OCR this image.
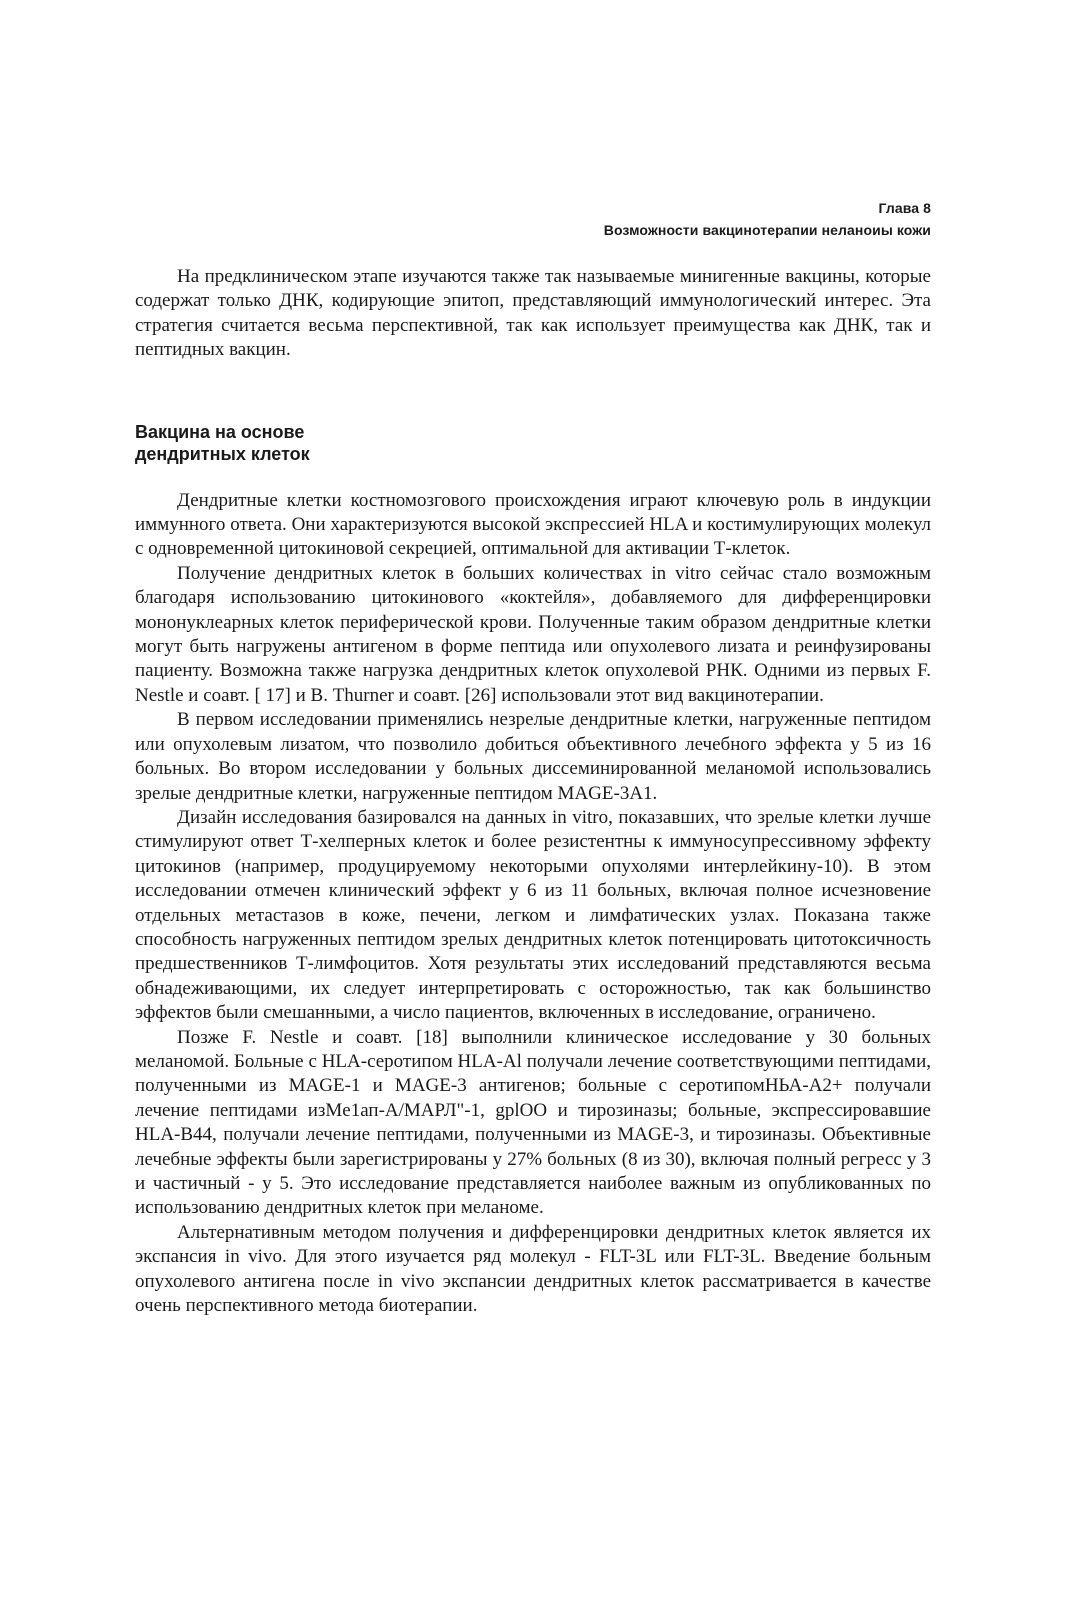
Глава 8
Возможности вакцинотерапии неланоиы кожи

На предклиническом этапе изучаются также так называемые минигенные вакцины, которые содержат только ДНК, кодирующие эпитоп, представляющий иммунологический интерес. Эта стратегия считается весьма перспективной, так как использует преимущества как ДНК, так и пептидных вакцин.

Вакцина на основе
дендритных клеток

Дендритные клетки костномозгового происхождения играют ключевую роль в индукции иммунного ответа. Они характеризуются высокой экспрессией HLA и костимулирующих молекул с одновременной цитокиновой секрецией, оптимальной для активации Т-клеток.

Получение дендритных клеток в больших количествах in vitro сейчас стало возможным благодаря использованию цитокинового «коктейля», добавляемого для дифференцировки мононуклеарных клеток периферической крови. Полученные таким образом дендритные клетки могут быть нагружены антигеном в форме пептида или опухолевого лизата и реинфузированы пациенту. Возможна также нагрузка дендритных клеток опухолевой РНК. Одними из первых F. Nestle и соавт. [ 17] и В. Thurner и соавт. [26] использовали этот вид вакцинотерапии.

В первом исследовании применялись незрелые дендритные клетки, нагруженные пептидом или опухолевым лизатом, что позволило добиться объективного лечебного эффекта у 5 из 16 больных. Во втором исследовании у больных диссеминированной меланомой использовались зрелые дендритные клетки, нагруженные пептидом MAGE-3A1.

Дизайн исследования базировался на данных in vitro, показавших, что зрелые клетки лучше стимулируют ответ Т-хелперных клеток и более резистентны к иммуносупрессивному эффекту цитокинов (например, продуцируемому некоторыми опухолями интерлейкину-10). В этом исследовании отмечен клинический эффект у 6 из 11 больных, включая полное исчезновение отдельных метастазов в коже, печени, легком и лимфатических узлах. Показана также способность нагруженных пептидом зрелых дендритных клеток потенцировать цитотоксичность предшественников Т-лимфоцитов. Хотя результаты этих исследований представляются весьма обнадеживающими, их следует интерпретировать с осторожностью, так как большинство эффектов были смешанными, а число пациентов, включенных в исследование, ограничено.

Позже F. Nestle и соавт. [18] выполнили клиническое исследование у 30 больных меланомой. Больные с HLA-серотипом HLA-Al получали лечение соответствующими пептидами, полученными из MAGE-1 и MAGE-3 антигенов; больные с серотипомНЬА-А2+ получали лечение пептидами изMe1ап-А/МАРЛ"-1, gplOO и тирозиназы; больные, экспрессировавшие HLA-B44, получали лечение пептидами, полученными из MAGE-3, и тирозиназы. Объективные лечебные эффекты были зарегистрированы у 27% больных (8 из 30), включая полный регресс у 3 и частичный - у 5. Это исследование представляется наиболее важным из опубликованных по использованию дендритных клеток при меланоме.

Альтернативным методом получения и дифференцировки дендритных клеток является их экспансия in vivo. Для этого изучается ряд молекул - FLT-3L или FLT-3L. Введение больным опухолевого антигена после in vivo экспансии дендритных клеток рассматривается в качестве очень перспективного метода биотерапии.
